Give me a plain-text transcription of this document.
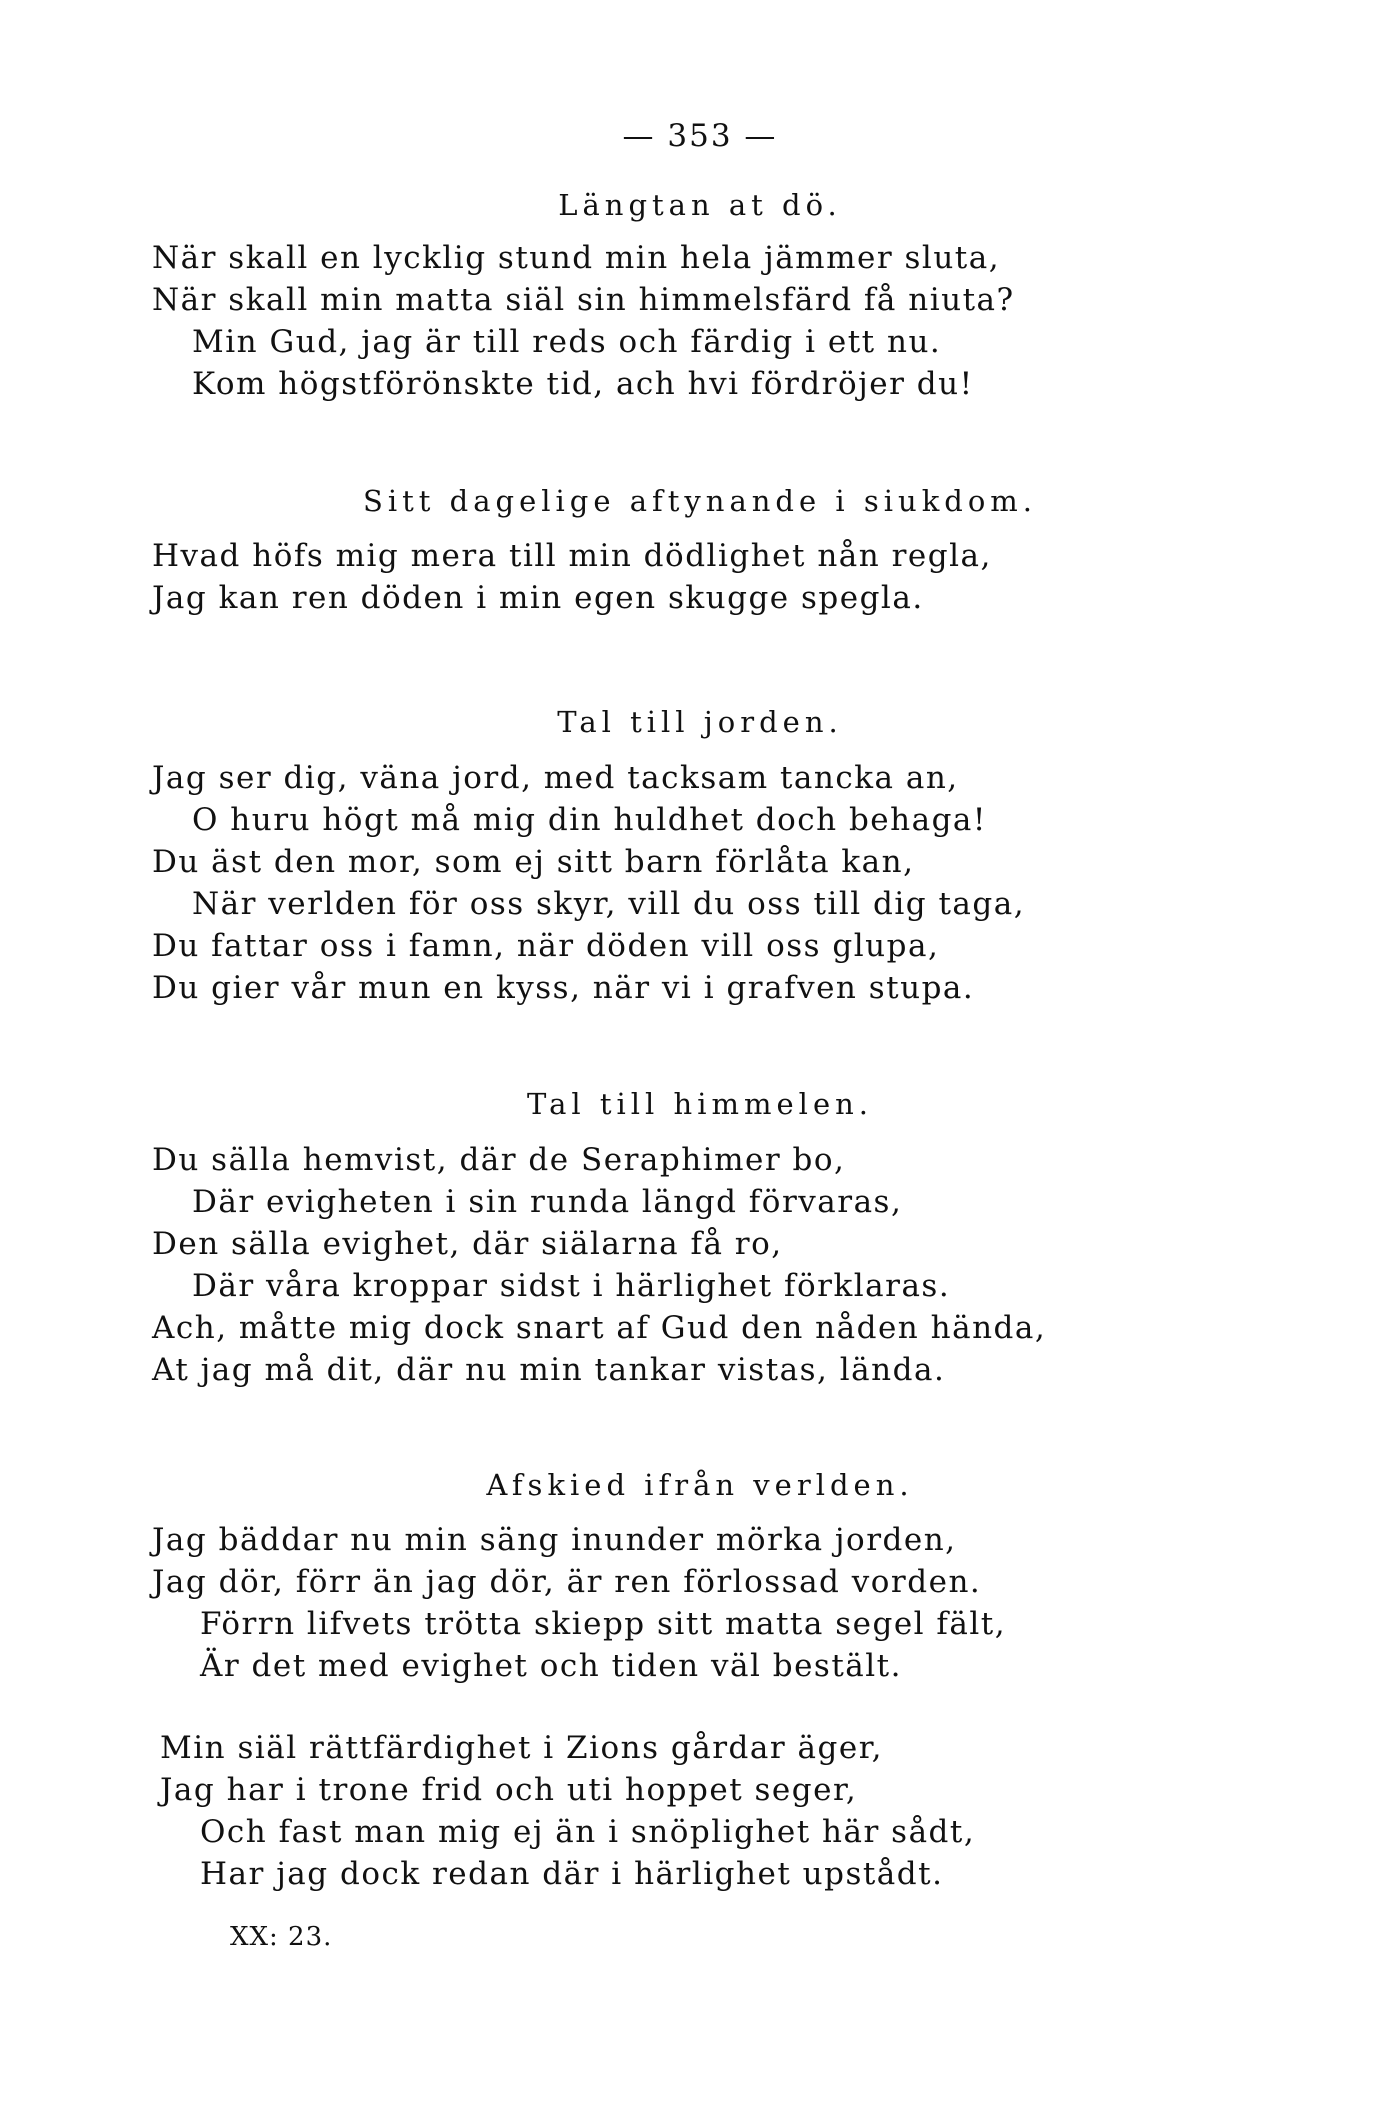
— 353 —
Längtan at dö.
När skall en lycklig stund min hela jämmer sluta,
När skall min matta siäl sin himmelsfärd få niuta?
Min Gud, jag är till reds och färdig i ett nu.
Kom högstförönskte tid, ach hvi fördröjer du!
Sitt dagelige aftynande i siukdom.
Hvad höfs mig mera till min dödlighet nån regla,
Jag kan ren döden i min egen skugge spegla.
Tal till jorden.
Jag ser dig, väna jord, med tacksam tancka an,
O huru högt må mig din huldhet doch behaga!
Du äst den mor, som ej sitt barn förlåta kan,
När verlden för oss skyr, vill du oss till dig taga,
Du fattar oss i famn, när döden vill oss glupa,
Du gier vår mun en kyss, när vi i grafven stupa.
Tal till himmelen.
Du sälla hemvist, där de Seraphimer bo,
Där evigheten i sin runda längd förvaras,
Den sälla evighet, där siälarna få ro,
Där våra kroppar sidst i härlighet förklaras.
Ach, måtte mig dock snart af Gud den nåden hända,
At jag må dit, där nu min tankar vistas, lända.
Afskied ifrån verlden.
Jag bäddar nu min säng inunder mörka jorden,
Jag dör, förr än jag dör, är ren förlossad vorden.
Förrn lifvets trötta skiepp sitt matta segel fält,
Är det med evighet och tiden väl bestält.
Min siäl rättfärdighet i Zions gårdar äger,
Jag har i trone frid och uti hoppet seger,
Och fast man mig ej än i snöplighet här sådt,
Har jag dock redan där i härlighet upstådt.
XX: 23.
